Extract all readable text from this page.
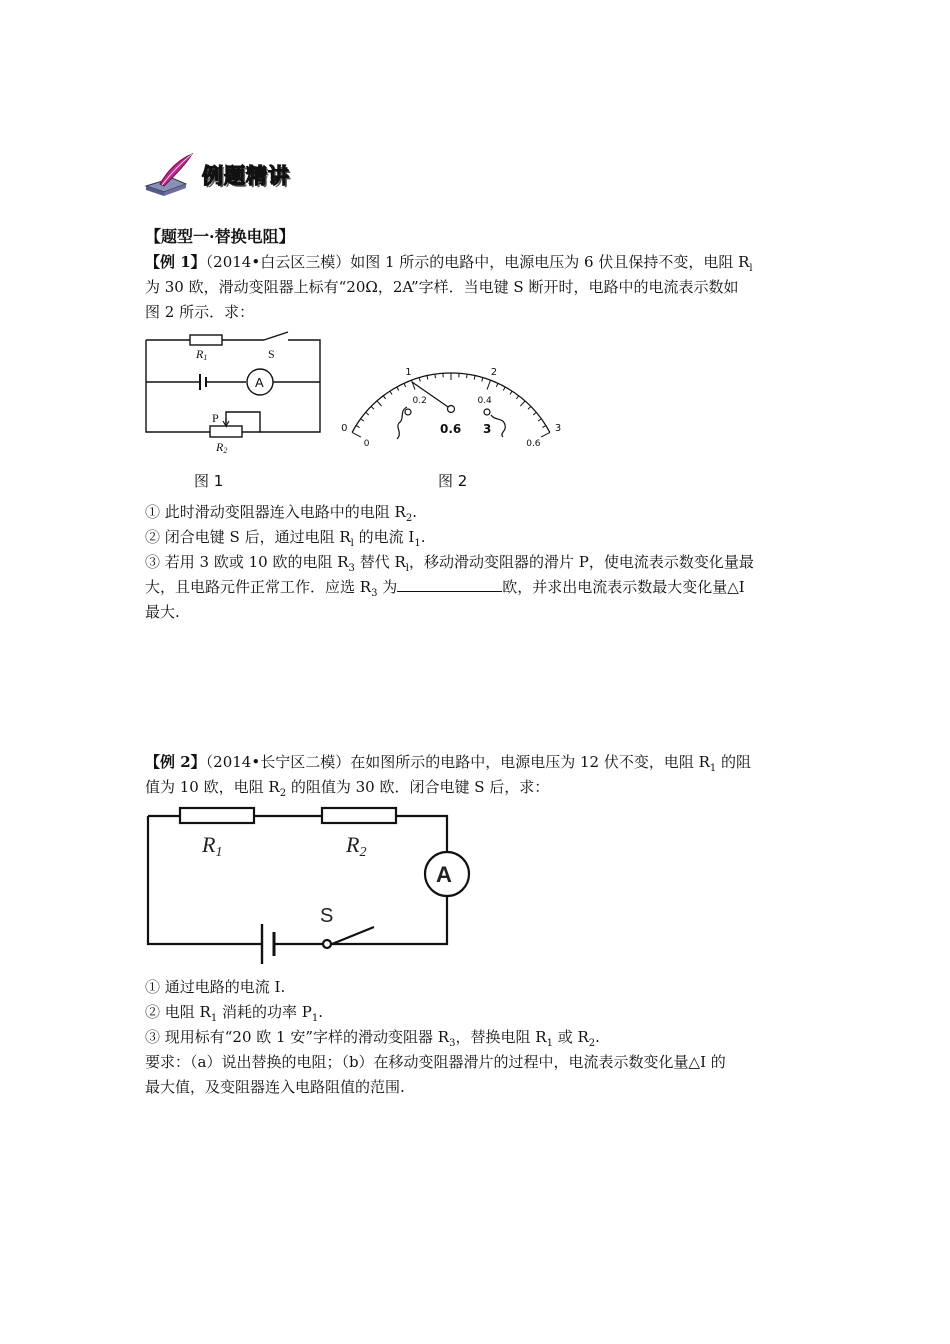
例题精讲
【题型一·替换电阻】
【例 1】（2014•白云区三模）如图 1 所示的电路中，电源电压为 6 伏且保持不变，电阻 $R_l$
为 30 欧，滑动变阻器上标有“20Ω，2A”字样．当电键 S 断开时，电路中的电流表示数如
图 2 所示．求：
R1	S
A
P
R2
图 1
0
1	2
3
0
0.2	0.4
0.6
0.6 3
图 2
① 此时滑动变阻器连入电路中的电阻 $R_2$.
② 闭合电键 S 后，通过电阻 $R_l$ 的电流 $I_1$.
③ 若用 3 欧或 10 欧的电阻 $R_3$ 替代 $R_l$，移动滑动变阻器的滑片 P，使电流表示数变化量最
大，且电路元件正常工作．应选 $R_3$ 为	欧，并求出电流表示数最大变化量△I
最大.
【例 2】（2014•长宁区二模）在如图所示的电路中，电源电压为 12 伏不变，电阻 $R_1$ 的阻
值为 10 欧，电阻 $R_2$ 的阻值为 30 欧．闭合电键 S 后，求：
R1	R2
A
S
① 通过电路的电流 I.
② 电阻 $R_1$ 消耗的功率 $P_1$.
③ 现用标有“20 欧 1 安”字样的滑动变阻器 $R_3$，替换电阻 $R_1$ 或 $R_2$.
要求：（a）说出替换的电阻；（b）在移动变阻器滑片的过程中，电流表示数变化量△I 的
最大值，及变阻器连入电路阻值的范围.
